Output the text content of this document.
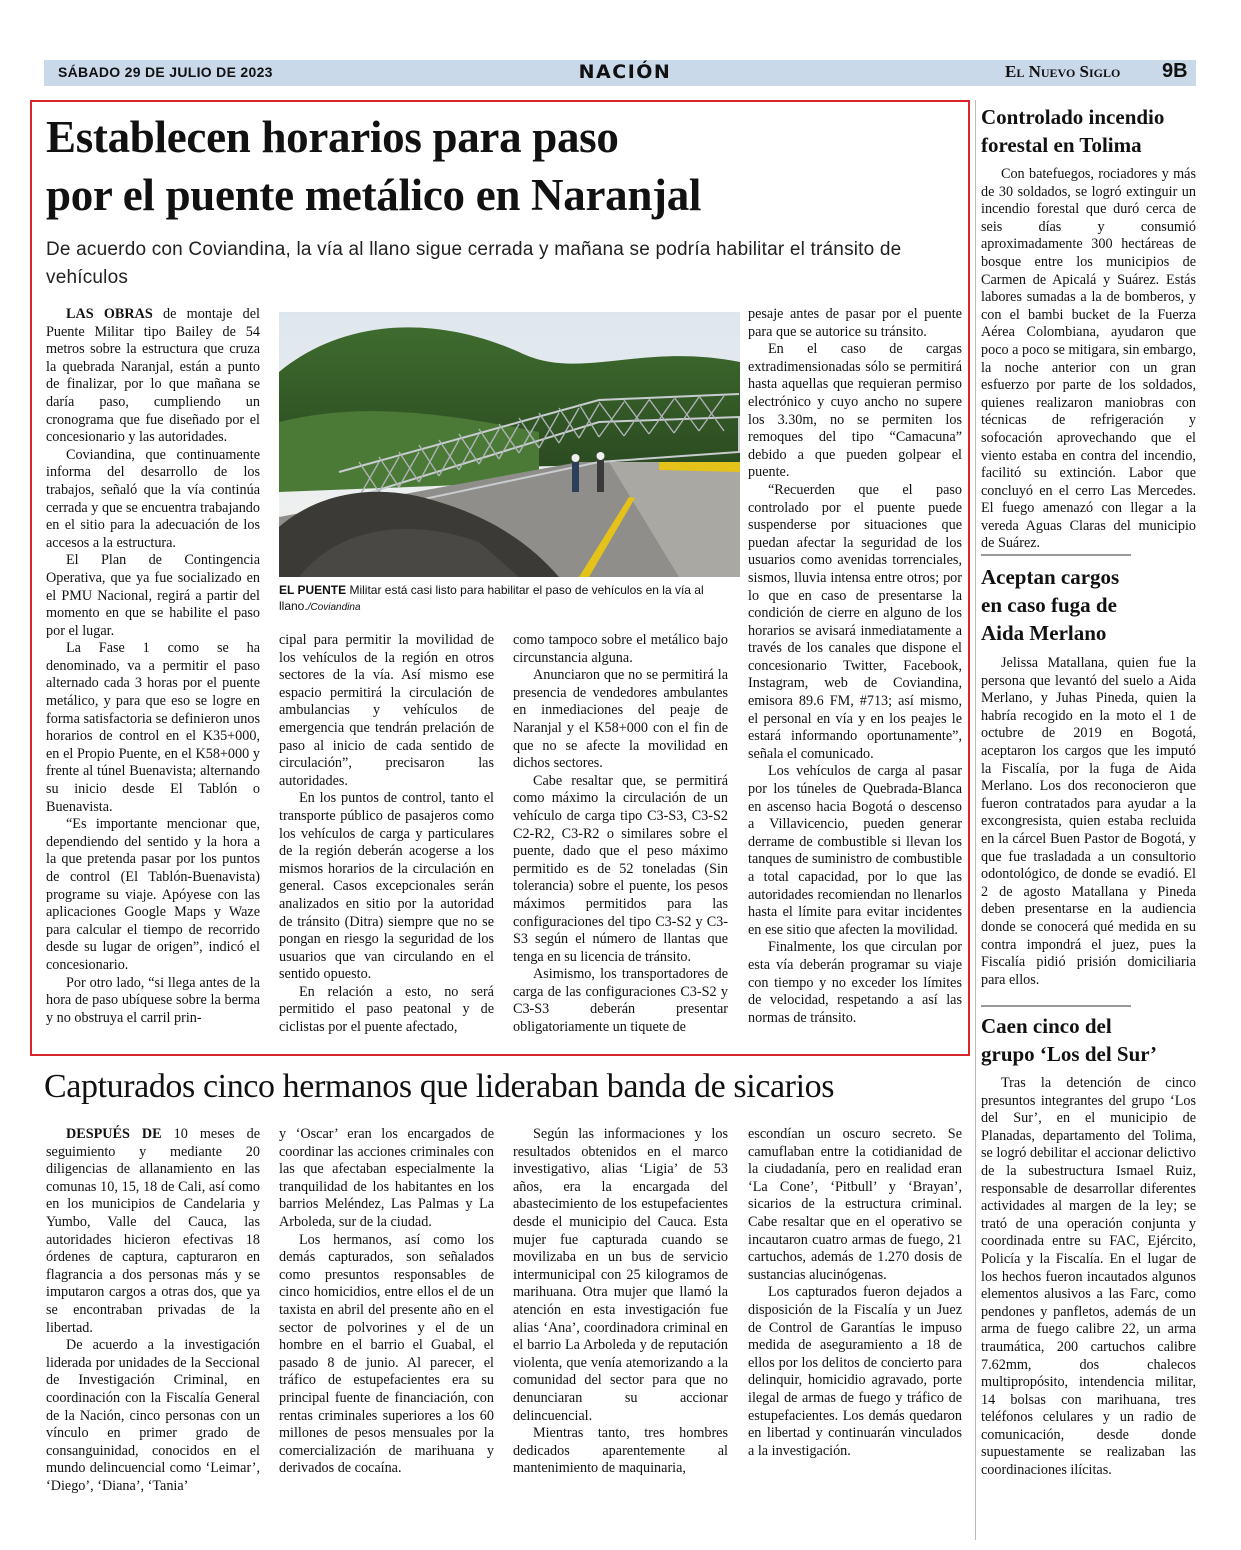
SÁBADO 29 DE JULIO DE 2023	NACIÓN	El Nuevo Siglo 9B
Establecen horarios para paso
por el puente metálico en Naranjal
De acuerdo con Coviandina, la vía al llano sigue cerrada y mañana se podría habilitar el tránsito de vehículos

LAS OBRAS de montaje del Puente Militar tipo Bailey de 54 metros sobre la estructura que cruza la quebrada Naranjal, están a punto de finalizar, por lo que mañana se daría paso, cumpliendo un cronograma que fue diseñado por el concesionario y las autoridades.

Coviandina, que continuamente informa del desarrollo de los trabajos, señaló que la vía continúa cerrada y que se encuentra trabajando en el sitio para la adecuación de los accesos a la estructura.

El Plan de Contingencia Operativa, que ya fue socializado en el PMU Nacional, regirá a partir del momento en que se habilite el paso por el lugar.

La Fase 1 como se ha denominado, va a permitir el paso alternado cada 3 horas por el puente metálico, y para que eso se logre en forma satisfactoria se definieron unos horarios de control en el K35+000, en el Propio Puente, en el K58+000 y frente al túnel Buenavista; alternando su inicio desde El Tablón o Buenavista.

“Es importante mencionar que, dependiendo del sentido y la hora a la que pretenda pasar por los puntos de control (El Tablón-Buenavista) programe su viaje. Apóyese con las aplicaciones Google Maps y Waze para calcular el tiempo de recorrido desde su lugar de origen”, indicó el concesionario.

Por otro lado, “si llega antes de la hora de paso ubíquese sobre la berma y no obstruya el carril prin-

EL PUENTE Militar está casi listo para habilitar el paso de vehículos en la vía al llano./Coviandina

cipal para permitir la movilidad de los vehículos de la región en otros sectores de la vía. Así mismo ese espacio permitirá la circulación de ambulancias y vehículos de emergencia que tendrán prelación de paso al inicio de cada sentido de circulación”, precisaron las autoridades.

En los puntos de control, tanto el transporte público de pasajeros como los vehículos de carga y particulares de la región deberán acogerse a los mismos horarios de la circulación en general. Casos excepcionales serán analizados en sitio por la autoridad de tránsito (Ditra) siempre que no se pongan en riesgo la seguridad de los usuarios que van circulando en el sentido opuesto.

En relación a esto, no será permitido el paso peatonal y de ciclistas por el puente afectado,

como tampoco sobre el metálico bajo circunstancia alguna.

Anunciaron que no se permitirá la presencia de vendedores ambulantes en inmediaciones del peaje de Naranjal y el K58+000 con el fin de que no se afecte la movilidad en dichos sectores.

Cabe resaltar que, se permitirá como máximo la circulación de un vehículo de carga tipo C3-S3, C3-S2 C2-R2, C3-R2 o similares sobre el puente, dado que el peso máximo permitido es de 52 toneladas (Sin tolerancia) sobre el puente, los pesos máximos permitidos para las configuraciones del tipo C3-S2 y C3-S3 según el número de llantas que tenga en su licencia de tránsito.

Asimismo, los transportadores de carga de las configuraciones C3-S2 y C3-S3 deberán presentar obligatoriamente un tiquete de

pesaje antes de pasar por el puente para que se autorice su tránsito.

En el caso de cargas extradimensionadas sólo se permitirá hasta aquellas que requieran permiso electrónico y cuyo ancho no supere los 3.30m, no se permiten los remoques del tipo “Camacuna” debido a que pueden golpear el puente.

“Recuerden que el paso controlado por el puente puede suspenderse por situaciones que puedan afectar la seguridad de los usuarios como avenidas torrenciales, sismos, lluvia intensa entre otros; por lo que en caso de presentarse la condición de cierre en alguno de los horarios se avisará inmediatamente a través de los canales que dispone el concesionario Twitter, Facebook, Instagram, web de Coviandina, emisora 89.6 FM, #713; así mismo, el personal en vía y en los peajes le estará informando oportunamente”, señala el comunicado.

Los vehículos de carga al pasar por los túneles de Quebrada-Blanca en ascenso hacia Bogotá o descenso a Villavicencio, pueden generar derrame de combustible si llevan los tanques de suministro de combustible a total capacidad, por lo que las autoridades recomiendan no llenarlos hasta el límite para evitar incidentes en ese sitio que afecten la movilidad.

Finalmente, los que circulan por esta vía deberán programar su viaje con tiempo y no exceder los límites de velocidad, respetando a así las normas de tránsito.

Controlado incendio
forestal en Tolima

Con batefuegos, rociadores y más de 30 soldados, se logró extinguir un incendio forestal que duró cerca de seis días y consumió aproximadamente 300 hectáreas de bosque entre los municipios de Carmen de Apicalá y Suárez. Estás labores sumadas a la de bomberos, y con el bambi bucket de la Fuerza Aérea Colombiana, ayudaron que poco a poco se mitigara, sin embargo, la noche anterior con un gran esfuerzo por parte de los soldados, quienes realizaron maniobras con técnicas de refrigeración y sofocación aprovechando que el viento estaba en contra del incendio, facilitó su extinción. Labor que concluyó en el cerro Las Mercedes. El fuego amenazó con llegar a la vereda Aguas Claras del municipio de Suárez.

Aceptan cargos
en caso fuga de
Aida Merlano

Jelissa Matallana, quien fue la persona que levantó del suelo a Aida Merlano, y Juhas Pineda, quien la habría recogido en la moto el 1 de octubre de 2019 en Bogotá, aceptaron los cargos que les imputó la Fiscalía, por la fuga de Aida Merlano. Los dos reconocieron que fueron contratados para ayudar a la excongresista, quien estaba recluida en la cárcel Buen Pastor de Bogotá, y que fue trasladada a un consultorio odontológico, de donde se evadió. El 2 de agosto Matallana y Pineda deben presentarse en la audiencia donde se conocerá qué medida en su contra impondrá el juez, pues la Fiscalía pidió prisión domiciliaria para ellos.

Caen cinco del
grupo ‘Los del Sur’

Tras la detención de cinco presuntos integrantes del grupo ‘Los del Sur’, en el municipio de Planadas, departamento del Tolima, se logró debilitar el accionar delictivo de la subestructura Ismael Ruiz, responsable de desarrollar diferentes actividades al margen de la ley; se trató de una operación conjunta y coordinada entre su FAC, Ejército, Policía y la Fiscalía. En el lugar de los hechos fueron incautados algunos elementos alusivos a las Farc, como pendones y panfletos, además de un arma de fuego calibre 22, un arma traumática, 200 cartuchos calibre 7.62mm, dos chalecos multipropósito, intendencia militar, 14 bolsas con marihuana, tres teléfonos celulares y un radio de comunicación, desde donde supuestamente se realizaban las coordinaciones ilícitas.

Capturados cinco hermanos que lideraban banda de sicarios

DESPUÉS DE 10 meses de seguimiento y mediante 20 diligencias de allanamiento en las comunas 10, 15, 18 de Cali, así como en los municipios de Candelaria y Yumbo, Valle del Cauca, las autoridades hicieron efectivas 18 órdenes de captura, capturaron en flagrancia a dos personas más y se imputaron cargos a otras dos, que ya se encontraban privadas de la libertad.

De acuerdo a la investigación liderada por unidades de la Seccional de Investigación Criminal, en coordinación con la Fiscalía General de la Nación, cinco personas con un vínculo en primer grado de consanguinidad, conocidos en el mundo delincuencial como ‘Leimar’, ‘Diego’, ‘Diana’, ‘Tania’

y ‘Oscar’ eran los encargados de coordinar las acciones criminales con las que afectaban especialmente la tranquilidad de los habitantes en los barrios Meléndez, Las Palmas y La Arboleda, sur de la ciudad.

Los hermanos, así como los demás capturados, son señalados como presuntos responsables de cinco homicidios, entre ellos el de un taxista en abril del presente año en el sector de polvorines y el de un hombre en el barrio el Guabal, el pasado 8 de junio. Al parecer, el tráfico de estupefacientes era su principal fuente de financiación, con rentas criminales superiores a los 60 millones de pesos mensuales por la comercialización de marihuana y derivados de cocaína.

Según las informaciones y los resultados obtenidos en el marco investigativo, alias ‘Ligia’ de 53 años, era la encargada del abastecimiento de los estupefacientes desde el municipio del Cauca. Esta mujer fue capturada cuando se movilizaba en un bus de servicio intermunicipal con 25 kilogramos de marihuana. Otra mujer que llamó la atención en esta investigación fue alias ‘Ana’, coordinadora criminal en el barrio La Arboleda y de reputación violenta, que venía atemorizando a la comunidad del sector para que no denunciaran su accionar delincuencial.

Mientras tanto, tres hombres dedicados aparentemente al mantenimiento de maquinaria,

escondían un oscuro secreto. Se camuflaban entre la cotidianidad de la ciudadanía, pero en realidad eran ‘La Cone’, ‘Pitbull’ y ‘Brayan’, sicarios de la estructura criminal. Cabe resaltar que en el operativo se incautaron cuatro armas de fuego, 21 cartuchos, además de 1.270 dosis de sustancias alucinógenas.

Los capturados fueron dejados a disposición de la Fiscalía y un Juez de Control de Garantías le impuso medida de aseguramiento a 18 de ellos por los delitos de concierto para delinquir, homicidio agravado, porte ilegal de armas de fuego y tráfico de estupefacientes. Los demás quedaron en libertad y continuarán vinculados a la investigación.
